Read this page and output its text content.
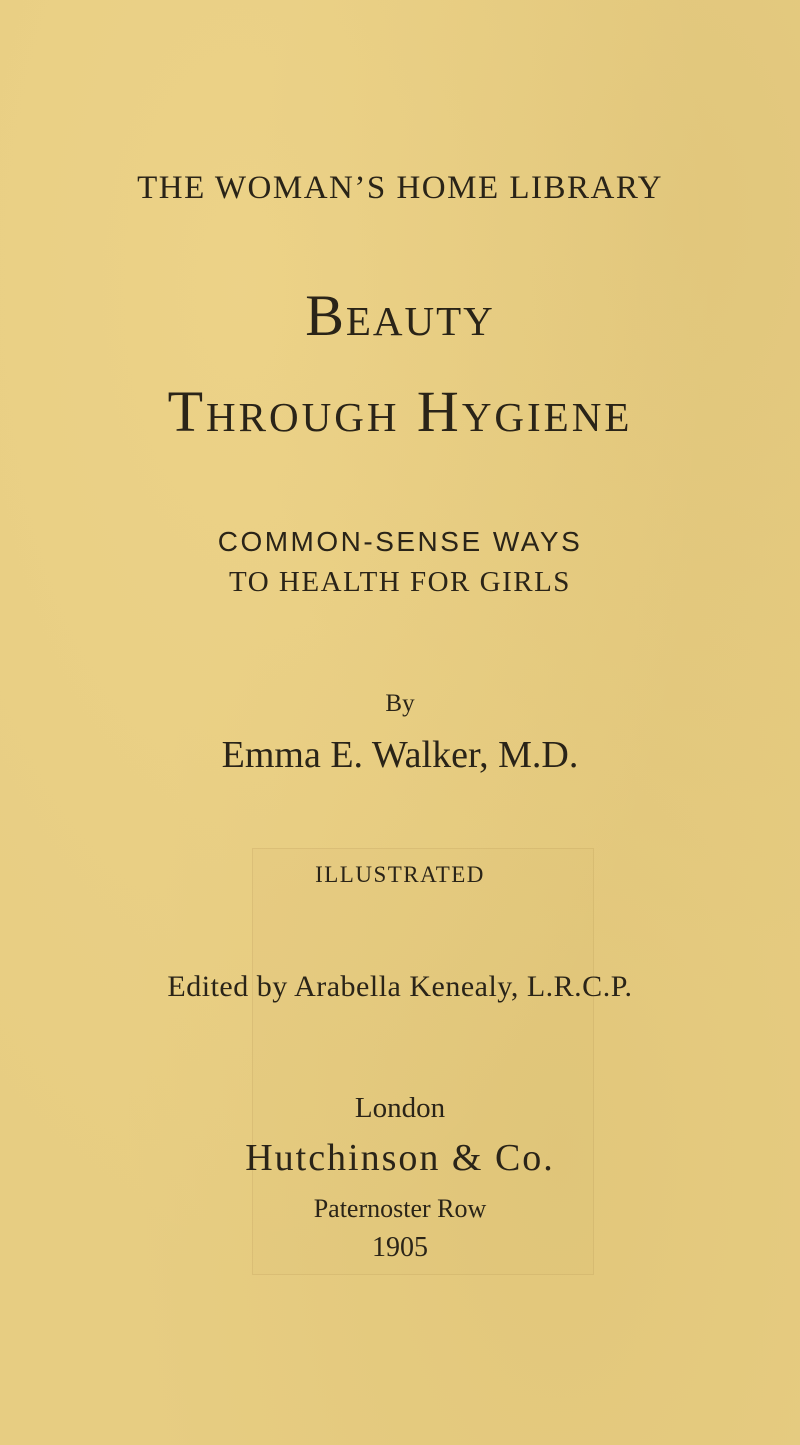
THE WOMAN’S HOME LIBRARY
Beauty
Through Hygiene
COMMON-SENSE WAYS
TO HEALTH FOR GIRLS
By
Emma E. Walker, M.D.
ILLUSTRATED
Edited by Arabella Kenealy, L.R.C.P.
London
Hutchinson & Co.
Paternoster Row
1905
